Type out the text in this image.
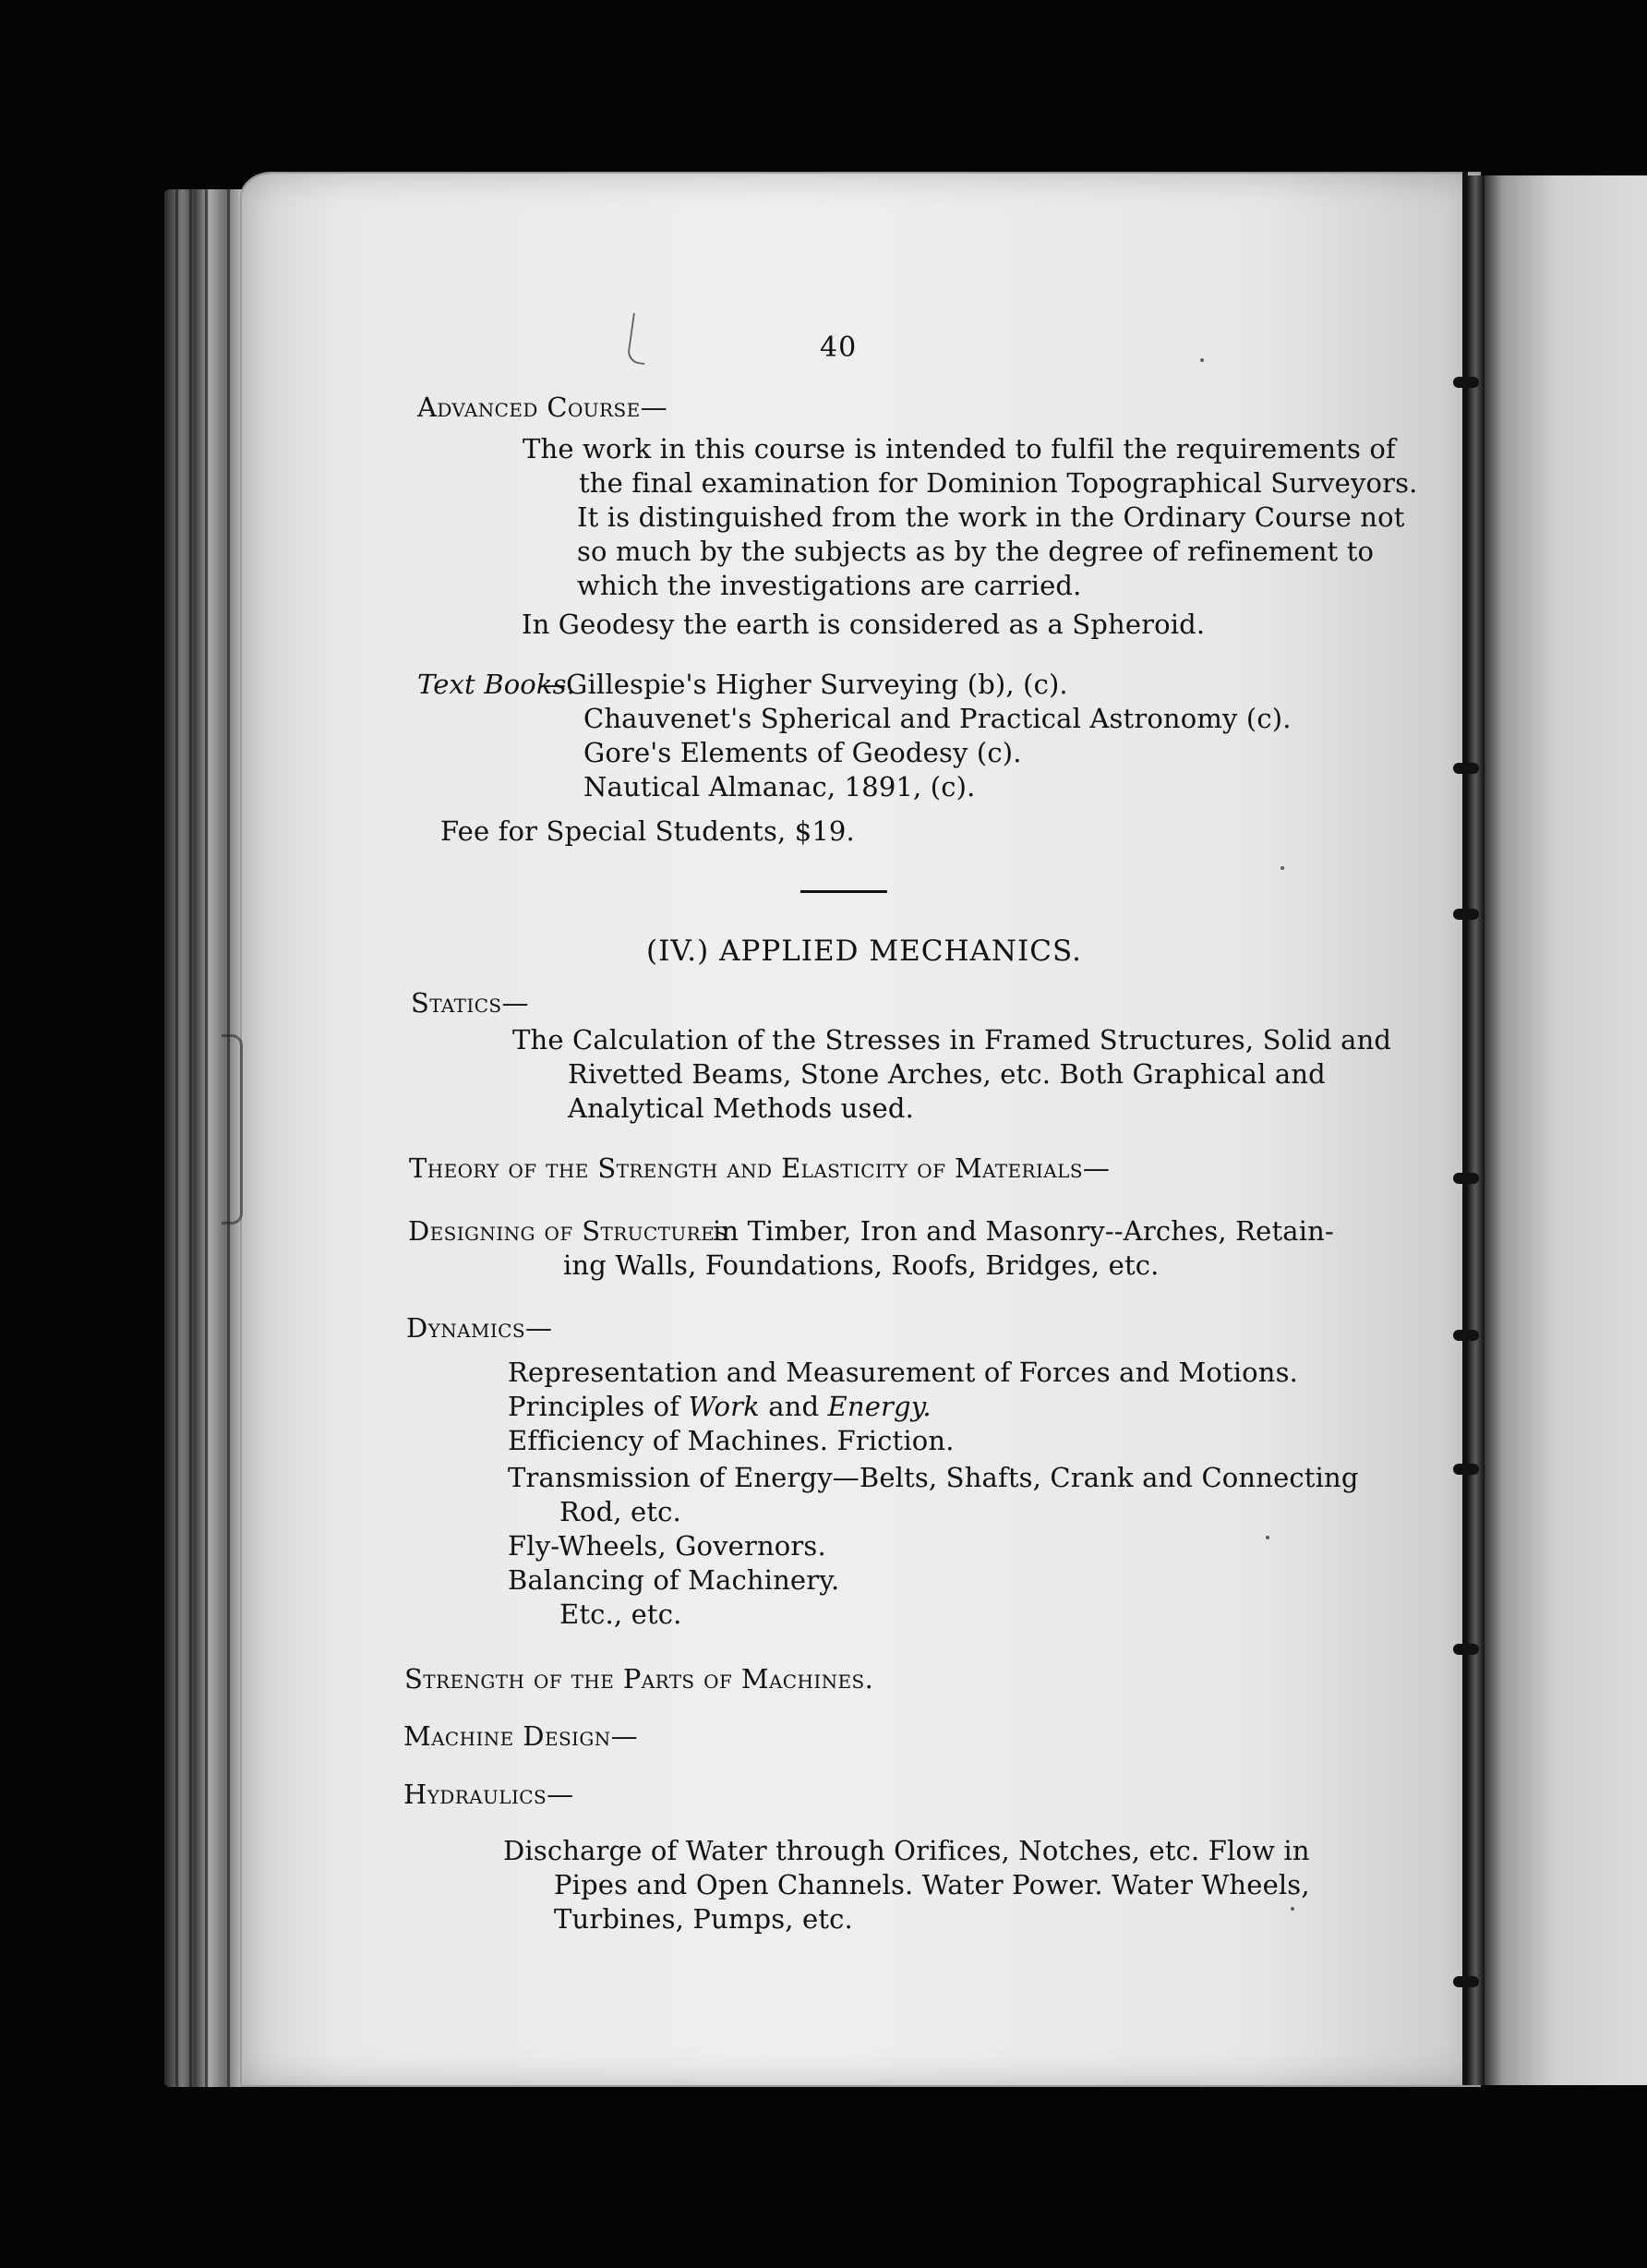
40
Advanced Course—
The work in this course is intended to fulfil the requirements of
the final examination for Dominion Topographical Surveyors.
It is distinguished from the work in the Ordinary Course not
so much by the subjects as by the degree of refinement to
which the investigations are carried.
In Geodesy the earth is considered as a Spheroid.
Text Books.
—Gillespie's Higher Surveying (b), (c).
Chauvenet's Spherical and Practical Astronomy (c).
Gore's Elements of Geodesy (c).
Nautical Almanac, 1891, (c).
Fee for Special Students, $19.
(IV.) APPLIED MECHANICS.
Statics—
The Calculation of the Stresses in Framed Structures, Solid and
Rivetted Beams, Stone Arches, etc. Both Graphical and
Analytical Methods used.
Theory of the Strength and Elasticity of Materials—
Designing of Structures
in Timber, Iron and Masonry--Arches, Retain-
ing Walls, Foundations, Roofs, Bridges, etc.
Dynamics—
Representation and Measurement of Forces and Motions.
Principles of Work and Energy.
Efficiency of Machines. Friction.
Transmission of Energy—Belts, Shafts, Crank and Connecting
Rod, etc.
Fly-Wheels, Governors.
Balancing of Machinery.
Etc., etc.
Strength of the Parts of Machines.
Machine Design—
Hydraulics—
Discharge of Water through Orifices, Notches, etc. Flow in
Pipes and Open Channels. Water Power. Water Wheels,
Turbines, Pumps, etc.
